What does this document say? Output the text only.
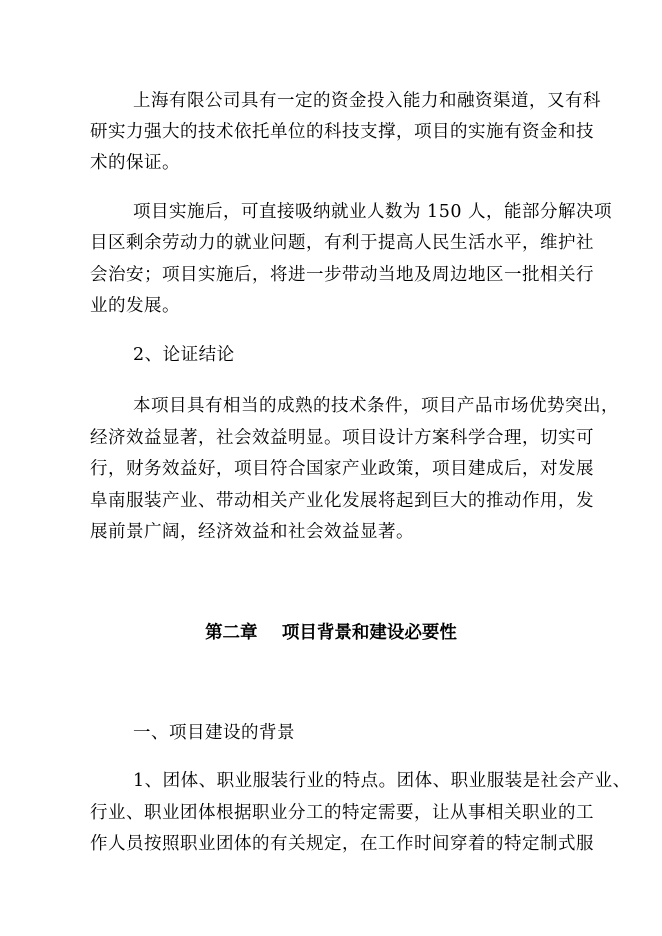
上海有限公司具有一定的资金投入能力和融资渠道，又有科
研实力强大的技术依托单位的科技支撑，项目的实施有资金和技
术的保证。
项目实施后，可直接吸纳就业人数为 150 人，能部分解决项
目区剩余劳动力的就业问题，有利于提高人民生活水平，维护社
会治安；项目实施后，将进一步带动当地及周边地区一批相关行
业的发展。
2、论证结论
本项目具有相当的成熟的技术条件，项目产品市场优势突出，
经济效益显著，社会效益明显。项目设计方案科学合理，切实可
行，财务效益好，项目符合国家产业政策，项目建成后，对发展
阜南服装产业、带动相关产业化发展将起到巨大的推动作用，发
展前景广阔，经济效益和社会效益显著。
第二章    项目背景和建设必要性
一、项目建设的背景
1、团体、职业服装行业的特点。团体、职业服装是社会产业、
行业、职业团体根据职业分工的特定需要，让从事相关职业的工
作人员按照职业团体的有关规定，在工作时间穿着的特定制式服
